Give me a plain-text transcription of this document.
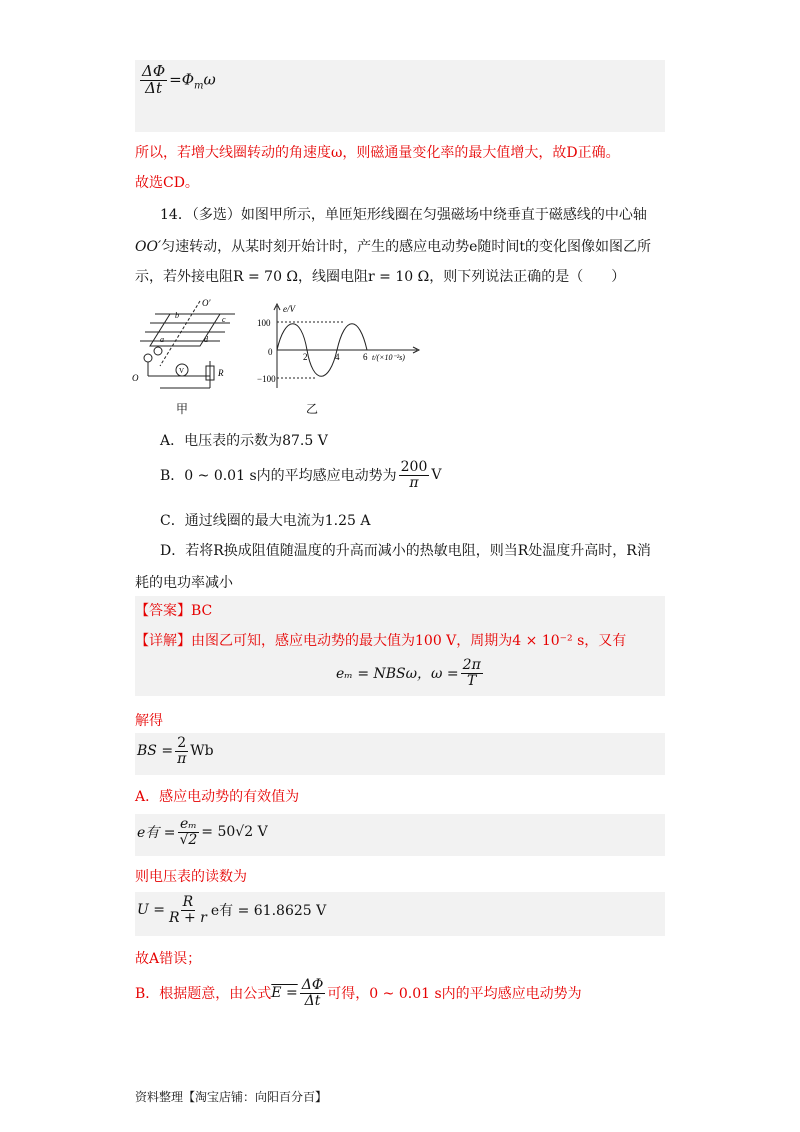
$\frac{\Delta\Phi}{\Delta t} =\Phi_m\omega$
所以，若增大线圈转动的角速度ω，则磁通量变化率的最大值增大，故D正确。
故选CD。
14．（多选）如图甲所示，单匝矩形线圈在匀强磁场中绕垂直于磁感线的中心轴
OO′匀速转动，从某时刻开始计时，产生的感应电动势e随时间t的变化图像如图乙所
示，若外接电阻R = 70 Ω，线圈电阻r = 10 Ω，则下列说法正确的是（　　）
O′
b	c
a	d
O	R
V
甲
e/V
100
−100
0	2	4	6 t/(×10⁻²s)
乙
A．电压表的示数为87.5 V
B．0 ~ 0.01 s内的平均感应电动势为 $\frac{200}{\pi}$ V
C．通过线圈的最大电流为1.25 A
D．若将R换成阻值随温度的升高而减小的热敏电阻，则当R处温度升高时，R消
耗的电功率减小
【答案】BC
【详解】由图乙可知，感应电动势的最大值为100 V，周期为4 × 10⁻² s，又有
eₘ = NBSω，$\omega = \frac{2\pi}{T}$
解得
BS = $\frac{2}{\pi}$ Wb
A．感应电动势的有效值为
e有 = $\frac{\text{eₘ}}{√2} = 50√2$ V
则电压表的读数为
$U = \frac{R}{R + r}$ e有 = 61.8625 V
故A错误；
B．根据题意，由公式 $E = \frac{\Delta\Phi}{\Delta t}$ 可得，0 ~ 0.01 s内的平均感应电动势为
资料整理【淘宝店铺：向阳百分百】
